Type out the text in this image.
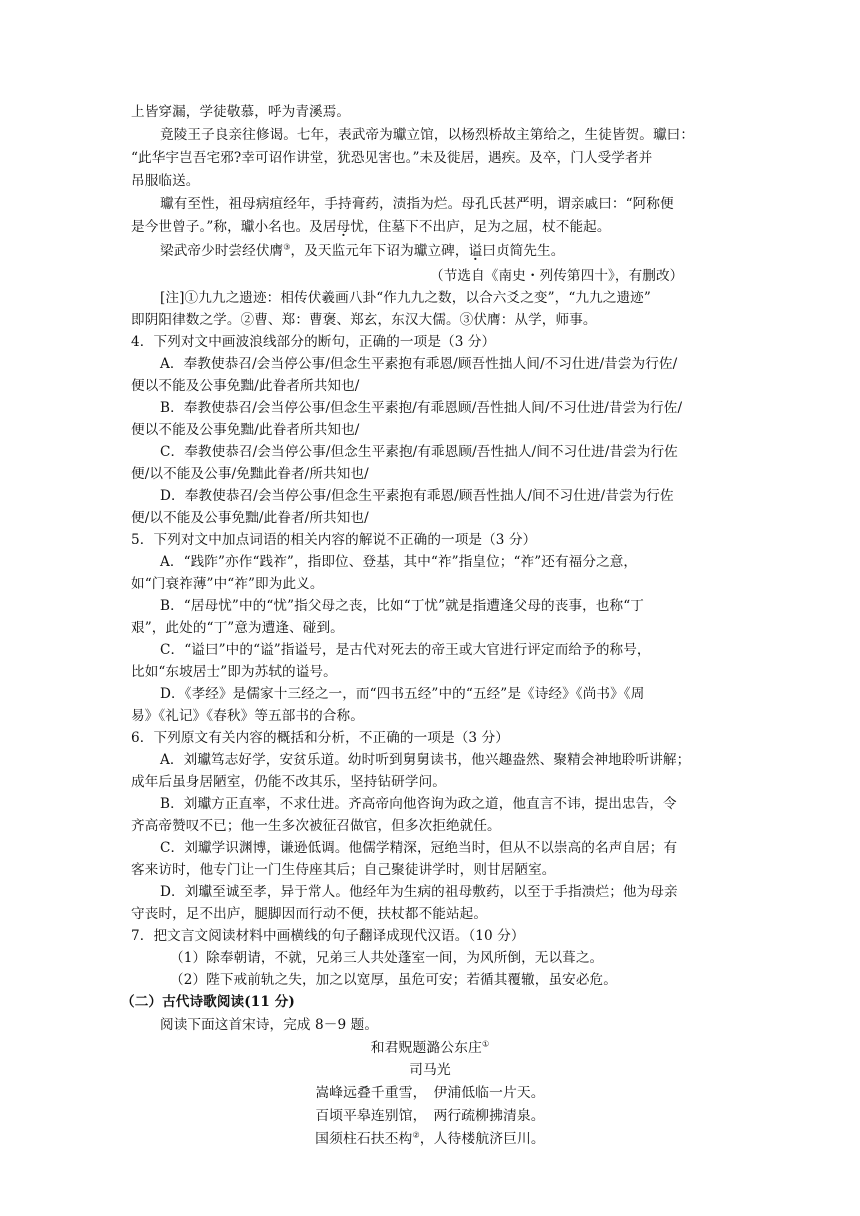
上皆穿漏，学徒敬慕，呼为青溪焉。
竟陵王子良亲往修谒。七年，表武帝为瓛立馆，以杨烈桥故主第给之，生徒皆贺。瓛曰：
“此华宇岂吾宅邪?幸可诏作讲堂，犹恐见害也。”未及徙居，遇疾。及卒，门人受学者并
吊服临送。
瓛有至性，祖母病疽经年，手持膏药，渍指为烂。母孔氏甚严明，谓亲戚曰：“阿称便
是今世曾子。”称，瓛小名也。及居母忧，住墓下不出庐，足为之屈，杖不能起。
梁武帝少时尝经伏膺③，及天监元年下诏为瓛立碑，谥曰贞简先生。
（节选自《南史・列传第四十》，有删改）
[注]①九九之遗迹：相传伏羲画八卦“作九九之数，以合六爻之变”，“九九之遗迹”
即阴阳律数之学。②曹、郑：曹褒、郑玄，东汉大儒。③伏膺：从学，师事。
4．下列对文中画波浪线部分的断句，正确的一项是（3 分）
A．奉教使恭召/会当停公事/但念生平素抱有乖恩/顾吾性拙人间/不习仕进/昔尝为行佐/
便以不能及公事免黜/此眷者所共知也/
B．奉教使恭召/会当停公事/但念生平素抱/有乖恩顾/吾性拙人间/不习仕进/昔尝为行佐/
便以不能及公事免黜/此眷者所共知也/
C．奉教使恭召/会当停公事/但念生平素抱/有乖恩顾/吾性拙人/间不习仕进/昔尝为行佐
便/以不能及公事/免黜此眷者/所共知也/
D．奉教使恭召/会当停公事/但念生平素抱有乖恩/顾吾性拙人/间不习仕进/昔尝为行佐
便/以不能及公事免黜/此眷者/所共知也/
5．下列对文中加点词语的相关内容的解说不正确的一项是（3 分）
A．“践阼”亦作“践祚”，指即位、登基，其中“祚”指皇位；“祚”还有福分之意，
如“门衰祚薄”中“祚”即为此义。
B．“居母忧”中的“忧”指父母之丧，比如“丁忧”就是指遭逢父母的丧事，也称“丁
艰”，此处的“丁”意为遭逢、碰到。
C．“谥曰”中的“谥”指谥号，是古代对死去的帝王或大官进行评定而给予的称号，
比如“东坡居士”即为苏轼的谥号。
D．《孝经》是儒家十三经之一，而“四书五经”中的“五经”是《诗经》《尚书》《周
易》《礼记》《春秋》等五部书的合称。
6．下列原文有关内容的概括和分析，不正确的一项是（3 分）
A．刘瓛笃志好学，安贫乐道。幼时听到舅舅读书，他兴趣盎然、聚精会神地聆听讲解；
成年后虽身居陋室，仍能不改其乐，坚持钻研学问。
B．刘瓛方正直率，不求仕进。齐高帝向他咨询为政之道，他直言不讳，提出忠告，令
齐高帝赞叹不已；他一生多次被征召做官，但多次拒绝就任。
C．刘瓛学识渊博，谦逊低调。他儒学精深，冠绝当时，但从不以崇高的名声自居；有
客来访时，他专门让一门生侍座其后；自己聚徒讲学时，则甘居陋室。
D．刘瓛至诚至孝，异于常人。他经年为生病的祖母敷药，以至于手指溃烂；他为母亲
守丧时，足不出庐，腿脚因而行动不便，扶杖都不能站起。
7．把文言文阅读材料中画横线的句子翻译成现代汉语。（10 分）
（1）除奉朝请，不就，兄弟三人共处蓬室一间，为风所倒，无以葺之。
（2）陛下戒前轨之失，加之以宽厚，虽危可安；若循其覆辙，虽安必危。
（二）古代诗歌阅读(11 分)
阅读下面这首宋诗，完成 8－9 题。
和君贶题潞公东庄①
司马光
嵩峰远叠千重雪，　伊浦低临一片天。
百顷平皋连别馆，　两行疏柳拂清泉。
国须柱石扶丕构②，人待楼航济巨川。
